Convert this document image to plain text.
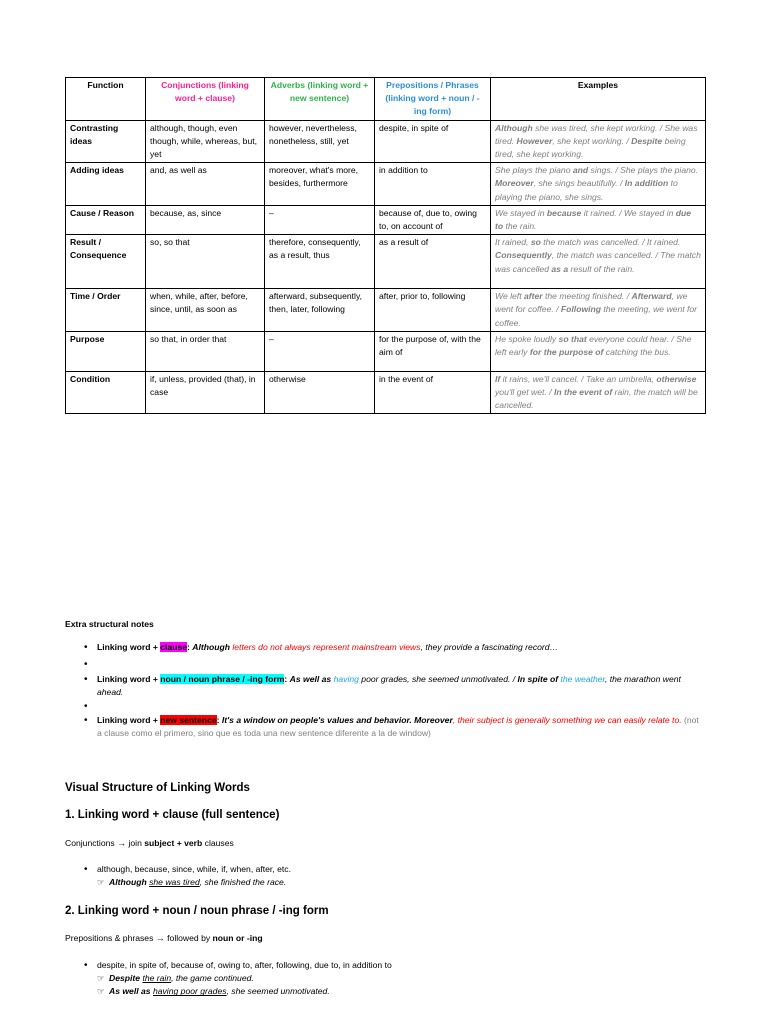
Function	Conjunctions (linking word + clause)	Adverbs (linking word + new sentence)	Prepositions / Phrases (linking word + noun / -ing form)	Examples
Contrasting ideas	although, though, even though, while, whereas, but, yet	however, nevertheless, nonetheless, still, yet	despite, in spite of	Although she was tired, she kept working. / She was tired. However, she kept working. / Despite being tired, she kept working.
Adding ideas	and, as well as	moreover, what's more, besides, furthermore	in addition to	She plays the piano and sings. / She plays the piano. Moreover, she sings beautifully. / In addition to playing the piano, she sings.
Cause / Reason	because, as, since	–	because of, due to, owing to, on account of	We stayed in because it rained. / We stayed in due to the rain.
Result / Consequence	so, so that	therefore, consequently, as a result, thus	as a result of	It rained, so the match was cancelled. / It rained. Consequently, the match was cancelled. / The match was cancelled as a result of the rain.
Time / Order	when, while, after, before, since, until, as soon as	afterward, subsequently, then, later, following	after, prior to, following	We left after the meeting finished. / Afterward, we went for coffee. / Following the meeting, we went for coffee.
Purpose	so that, in order that	–	for the purpose of, with the aim of	He spoke loudly so that everyone could hear. / She left early for the purpose of catching the bus.
Condition	if, unless, provided (that), in case	otherwise	in the event of	If it rains, we'll cancel. / Take an umbrella, otherwise you'll get wet. / In the event of rain, the match will be cancelled.
Extra structural notes
• Linking word + clause: Although letters do not always represent mainstream views, they provide a fascinating record…
•
• Linking word + noun / noun phrase / -ing form: As well as having poor grades, she seemed unmotivated. / In spite of the weather, the marathon went ahead.
•
• Linking word + new sentence: It's a window on people's values and behavior. Moreover, their subject is generally something we can easily relate to. (not a clause como el primero, sino que es toda una new sentence diferente a la de window)
Visual Structure of Linking Words
1. Linking word + clause (full sentence)
Conjunctions → join subject + verb clauses
• although, because, since, while, if, when, after, etc.
☞ Although she was tired, she finished the race.
2. Linking word + noun / noun phrase / -ing form
Prepositions & phrases → followed by noun or -ing
• despite, in spite of, because of, owing to, after, following, due to, in addition to
☞ Despite the rain, the game continued.
☞ As well as having poor grades, she seemed unmotivated.
